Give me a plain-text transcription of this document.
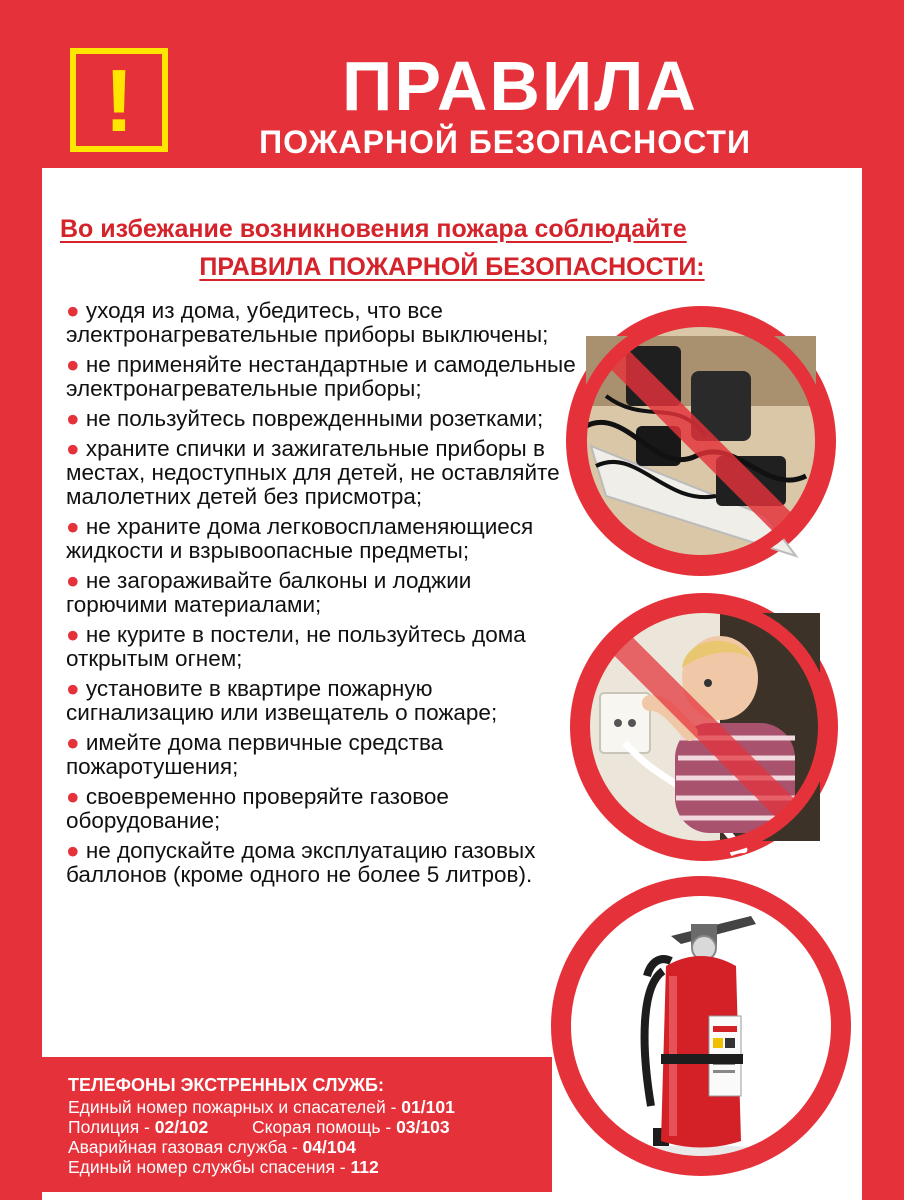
!	ПРАВИЛА
ПОЖАРНОЙ БЕЗОПАСНОСТИ

Во избежание возникновения пожара соблюдайте

ПРАВИЛА ПОЖАРНОЙ БЕЗОПАСНОСТИ:

● уходя из дома, убедитесь, что все электронагревательные приборы выключены;
● не применяйте нестандартные и самодельные электронагревательные приборы;
● не пользуйтесь поврежденными розетками;
● храните спички и зажигательные приборы в местах, недоступных для детей, не оставляйте малолетних детей без присмотра;
● не храните дома легковоспламеняющиеся жидкости и взрывоопасные предметы;
● не загораживайте балконы и лоджии горючими материалами;
● не курите в постели, не пользуйтесь дома открытым огнем;
● установите в квартире пожарную сигнализацию или извещатель о пожаре;
● имейте дома первичные средства пожаротушения;
● своевременно проверяйте газовое оборудование;
● не допускайте дома эксплуатацию газовых баллонов (кроме одного не более 5 литров).

ТЕЛЕФОНЫ ЭКСТРЕННЫХ СЛУЖБ:

Единый номер пожарных и спасателей - 01/101
Полиция - 02/102 Скорая помощь - 03/103
Аварийная газовая служба - 04/104
Единый номер службы спасения - 112
